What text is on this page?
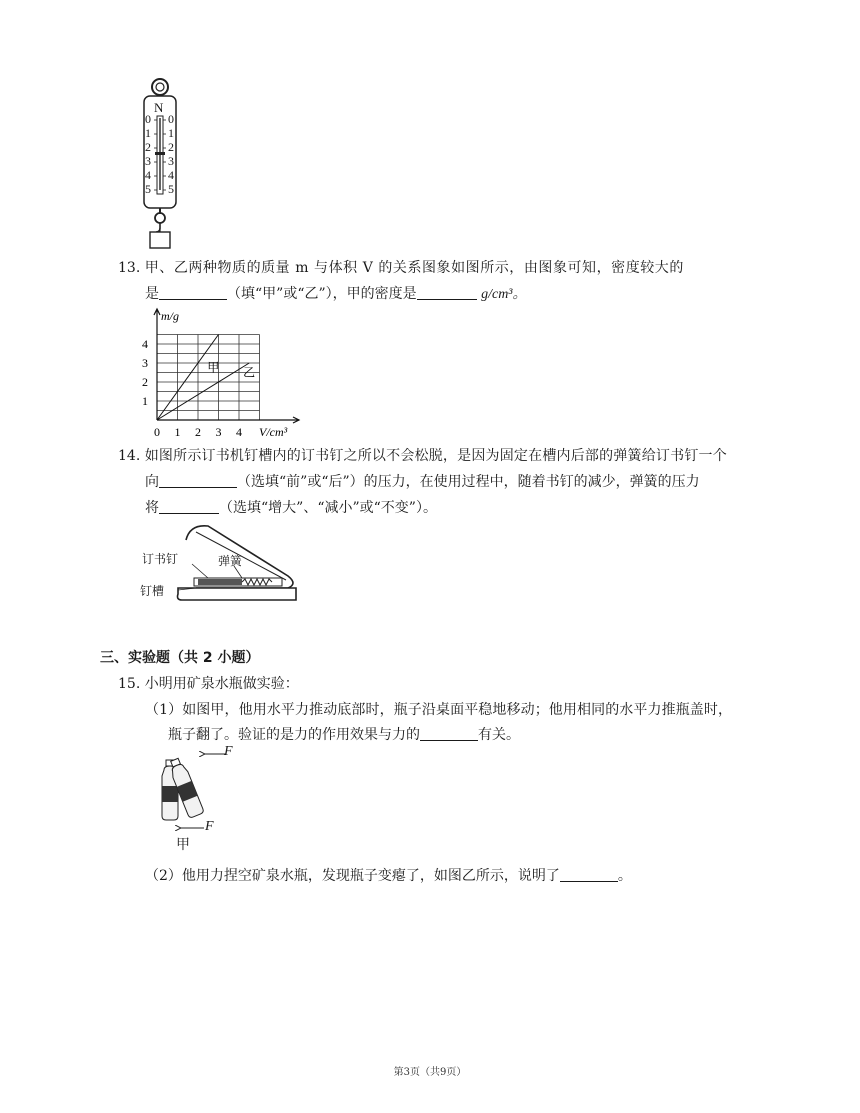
N
0
1
2
3
4
5
0
1
2
3
4
5
13. 甲、乙两种物质的质量 m 与体积 V 的关系图象如图所示，由图象可知，密度较大的
是	（填“甲”或“乙”），甲的密度是	g/cm³。
甲 乙
0 1 2 3 4
1
2
3
4
m/g
V/cm³
14. 如图所示订书机钉槽内的订书钉之所以不会松脱，是因为固定在槽内后部的弹簧给订书钉一个
向	（选填“前”或“后”）的压力，在使用过程中，随着书钉的减少，弹簧的压力
将	（选填“增大”、“减小”或“不变”）。
订书钉	弹簧
钉槽
三、实验题（共 2 小题）
15. 小明用矿泉水瓶做实验：
（1）如图甲，他用水平力推动底部时，瓶子沿桌面平稳地移动；他用相同的水平力推瓶盖时，
瓶子翻了。验证的是力的作用效果与力的	有关。
F
F
甲
（2）他用力捏空矿泉水瓶，发现瓶子变瘪了，如图乙所示，说明了	。
第3页（共9页）
